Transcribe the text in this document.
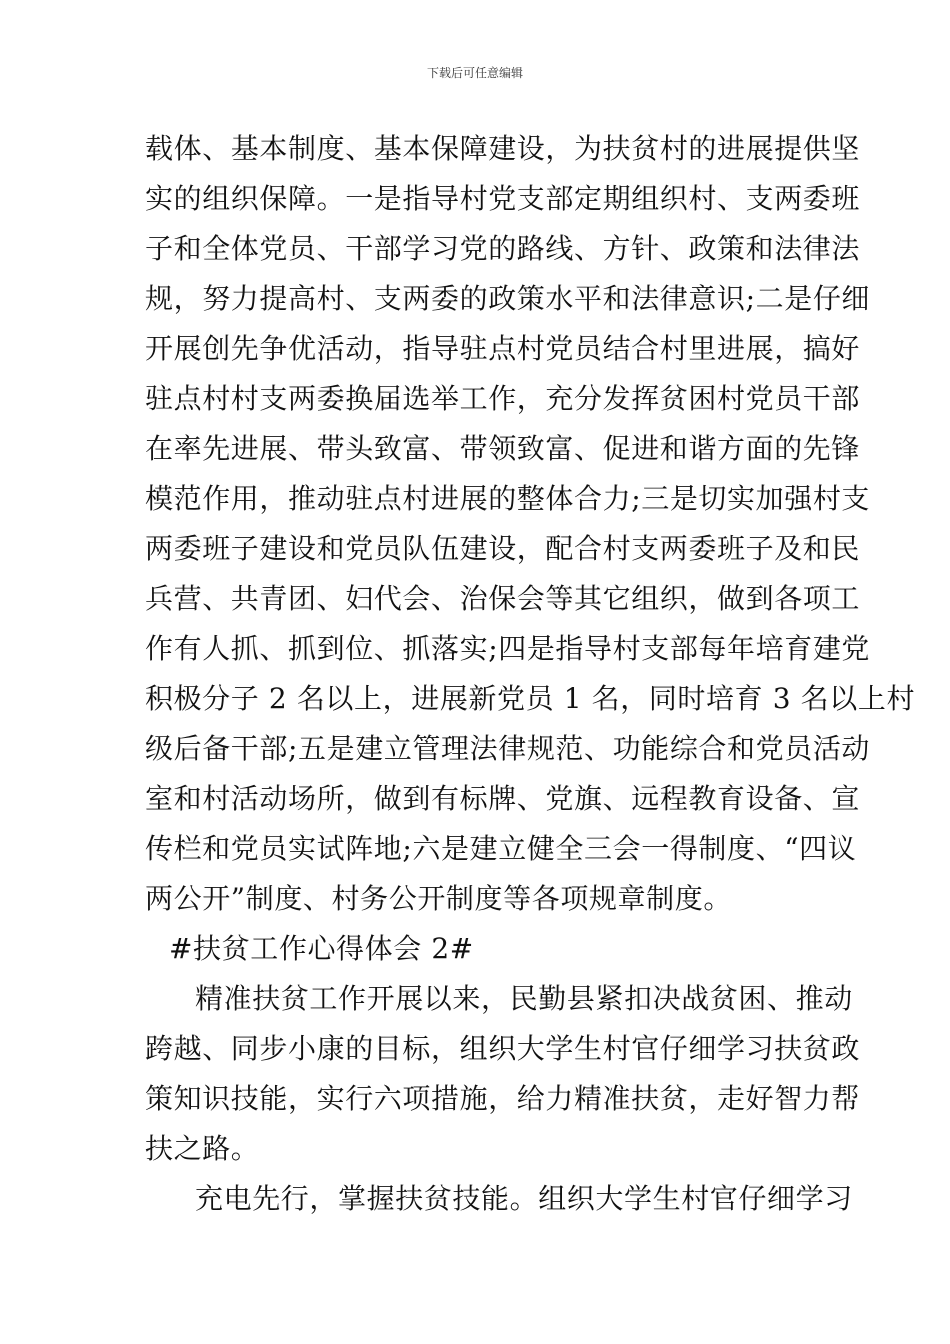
下载后可任意编辑
载体、基本制度、基本保障建设，为扶贫村的进展提供坚
实的组织保障。一是指导村党支部定期组织村、支两委班
子和全体党员、干部学习党的路线、方针、政策和法律法
规，努力提高村、支两委的政策水平和法律意识;二是仔细
开展创先争优活动，指导驻点村党员结合村里进展，搞好
驻点村村支两委换届选举工作，充分发挥贫困村党员干部
在率先进展、带头致富、带领致富、促进和谐方面的先锋
模范作用，推动驻点村进展的整体合力;三是切实加强村支
两委班子建设和党员队伍建设，配合村支两委班子及和民
兵营、共青团、妇代会、治保会等其它组织，做到各项工
作有人抓、抓到位、抓落实;四是指导村支部每年培育建党
积极分子 2 名以上，进展新党员 1 名，同时培育 3 名以上村
级后备干部;五是建立管理法律规范、功能综合和党员活动
室和村活动场所，做到有标牌、党旗、远程教育设备、宣
传栏和党员实试阵地;六是建立健全三会一得制度、“四议
两公开”制度、村务公开制度等各项规章制度。
#扶贫工作心得体会 2#
精准扶贫工作开展以来，民勤县紧扣决战贫困、推动
跨越、同步小康的目标，组织大学生村官仔细学习扶贫政
策知识技能，实行六项措施，给力精准扶贫，走好智力帮
扶之路。
充电先行，掌握扶贫技能。组织大学生村官仔细学习
